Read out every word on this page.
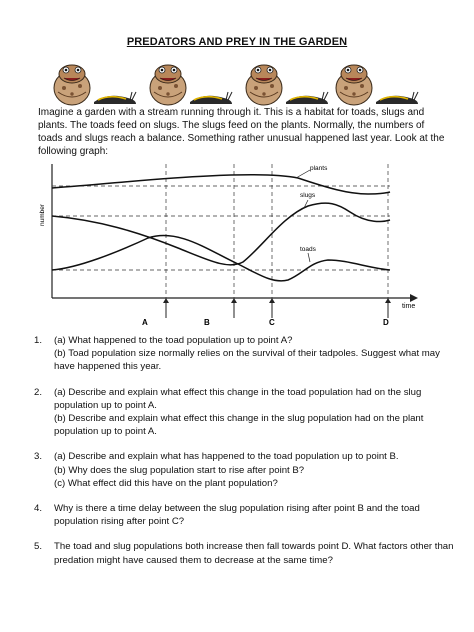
PREDATORS AND PREY IN THE GARDEN
Imagine a garden with a stream running through it. This is a habitat for toads, slugs and plants. The toads feed on slugs. The slugs feed on the plants. Normally, the numbers of toads and slugs reach a balance. Something rather unusual happened last year. Look at the following graph:
number
time
plants
slugs
toads
A	B	C	D
1. (a) What happened to the toad population up to point A?

(b) Toad population size normally relies on the survival of their tadpoles. Suggest what may have happened this year.

2. (a) Describe and explain what effect this change in the toad population had on the slug population up to point A.

(b) Describe and explain what effect this change in the slug population had on the plant population up to point A.

3. (a) Describe and explain what has happened to the toad population up to point B.

(b) Why does the slug population start to rise after point B?

(c) What effect did this have on the plant population?

4. Why is there a time delay between the slug population rising after point B and the toad population rising after point C?

5. The toad and slug populations both increase then fall towards point D. What factors other than predation might have caused them to decrease at the same time?
